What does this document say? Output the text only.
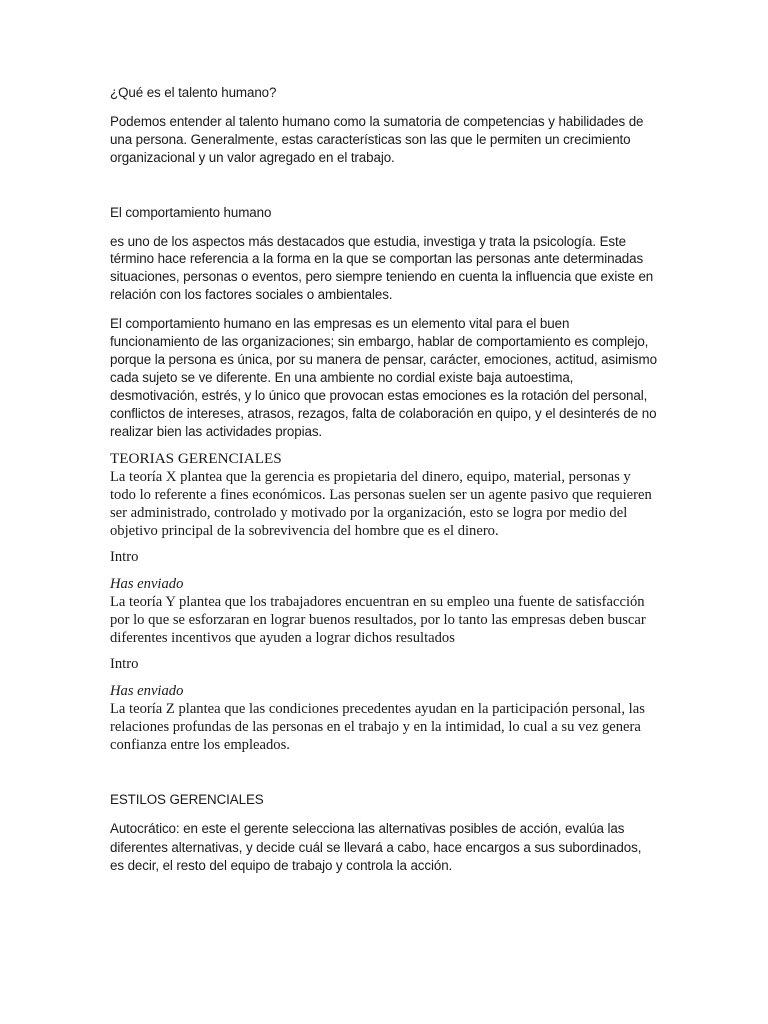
¿Qué es el talento humano?

Podemos entender al talento humano como la sumatoria de competencias y habilidades de una persona. Generalmente, estas características son las que le permiten un crecimiento organizacional y un valor agregado en el trabajo.

El comportamiento humano

es uno de los aspectos más destacados que estudia, investiga y trata la psicología. Este término hace referencia a la forma en la que se comportan las personas ante determinadas situaciones, personas o eventos, pero siempre teniendo en cuenta la influencia que existe en relación con los factores sociales o ambientales.

El comportamiento humano en las empresas es un elemento vital para el buen funcionamiento de las organizaciones; sin embargo, hablar de comportamiento es complejo, porque la persona es única, por su manera de pensar, carácter, emociones, actitud, asimismo cada sujeto se ve diferente. En una ambiente no cordial existe baja autoestima, desmotivación, estrés, y lo único que provocan estas emociones es la rotación del personal, conflictos de intereses, atrasos, rezagos, falta de colaboración en quipo, y el desinterés de no realizar bien las actividades propias.

TEORIAS GERENCIALES

La teoría X plantea que la gerencia es propietaria del dinero, equipo, material, personas y todo lo referente a fines económicos. Las personas suelen ser un agente pasivo que requieren ser administrado, controlado y motivado por la organización, esto se logra por medio del objetivo principal de la sobrevivencia del hombre que es el dinero.

Intro

Has enviado

La teoría Y plantea que los trabajadores encuentran en su empleo una fuente de satisfacción por lo que se esforzaran en lograr buenos resultados, por lo tanto las empresas deben buscar diferentes incentivos que ayuden a lograr dichos resultados

Intro

Has enviado

La teoría Z plantea que las condiciones precedentes ayudan en la participación personal, las relaciones profundas de las personas en el trabajo y en la intimidad, lo cual a su vez genera confianza entre los empleados.

ESTILOS GERENCIALES

Autocrático: en este el gerente selecciona las alternativas posibles de acción, evalúa las diferentes alternativas, y decide cuál se llevará a cabo, hace encargos a sus subordinados, es decir, el resto del equipo de trabajo y controla la acción.
